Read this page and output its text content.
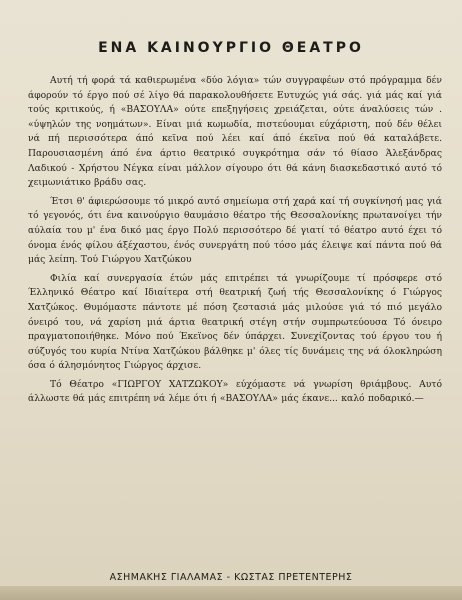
ΕΝΑ ΚΑΙΝΟΥΡΓΙΟ ΘΕΑΤΡΟ

Αυτή τή φορά τά καθιερωμένα «δύο λόγια» τών συγγραφέων στό πρόγραμμα δέν άφορούν τό έργο πού σέ λίγο θά παρακολουθήσετε Ευτυχώς γιά σάς. γιά μάς καί γιά τούς κριτικούς, ή «ΒΑΣΟΥΛΑ» ούτε επεξηγήσεις χρειάζεται, ούτε άναλύσεις τών . «ύψηλών της νοημάτων». Είναι μιά κωμωδία, πιστεύουμαι εύχάριστη, πού δέν θέλει νά πή περισσότερα άπό κεϊνα πού λέει καί άπό έκεϊνα πού θά καταλάβετε. Παρουσιασμένη άπό ένα άρτιο θεατρικό συγκρότημα σάν τό θίασο Άλεξάνδρας Λαδικού - Χρήστου Νέγκα είναι μάλλον σίγουρο ότι θά κάνη διασκεδαστικό αυτό τό χειμωνιάτικο βράδυ σας.

Έτσι θ' άφιερώσουμε τό μικρό αυτό σημείωμα στή χαρά καί τή συγκίνησή μας γιά τό γεγονός, ότι ένα καινούργιο θαυμάσιο θέατρο τής Θεσσαλονίκης πρωτανοίγει τήν αύλαία του μ' ένα δικό μας έργο Πολύ περισσότερο δέ γιατί τό θέατρο αυτό έχει τό όνομα ένός φίλου άξέχαστου, ένός συνεργάτη πού τόσο μάς έλειψε καί πάντα πού θά μάς λείπη. Τού Γιώργου Χατζώκου

Φιλία καί συνεργασία έτών μάς επιτρέπει τά γνωρίζουμε τί πρόσφερε στό Έλληνικό Θέατρο καί Ιδιαίτερα στή θεατρική ζωή τής Θεσσαλονίκης ό Γιώργος Χατζώκος. Θυμόμαστε πάντοτε μέ πόση ζεστασιά μάς μιλούσε γιά τό πιό μεγάλο όνειρό του, νά χαρίση μιά άρτια θεατρική στέγη στήν συμπρωτεύουσα Τό όνειρο πραγματοποιήθηκε. Μόνο πού Έκεϊνος δέν ύπάρχει. Συνεχίζοντας τού έργου του ή σύζυγός του κυρία Ντίνα Χατζώκου βάλθηκε μ' όλες τίς δυνάμεις της νά όλοκληρώση όσα ό άλησμόνητος Γιώργος άρχισε.

Τό Θέατρο «ΓΙΩΡΓΟΥ ΧΑΤΖΩΚΟΥ» εύχόμαστε νά γνωρίση θριάμβους. Αυτό άλλωστε θά μάς επιτρέπη νά λέμε ότι ή «ΒΑΣΟΥΛΑ» μάς έκανε... καλό ποδαρικό.—

ΑΣΗΜΑΚΗΣ ΓΙΑΛΑΜΑΣ - ΚΩΣΤΑΣ ΠΡΕΤΕΝΤΕΡΗΣ
